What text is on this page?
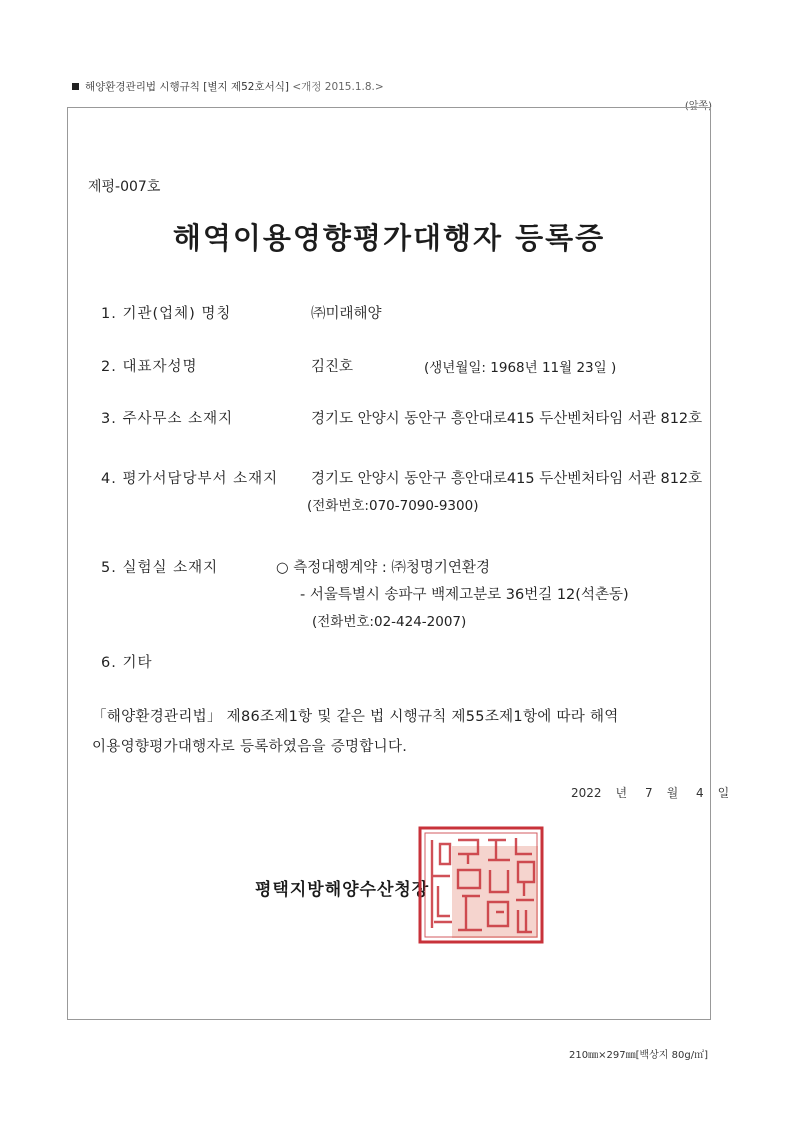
해양환경관리법 시행규칙 [별지 제52호서식] <개정 2015.1.8.>
(앞쪽)
제평-007호
해역이용영향평가대행자 등록증
1. 기관(업체) 명칭	㈜미래해양
2. 대표자성명	김진호	(생년월일: 1968년 11월 23일 )
3. 주사무소 소재지	경기도 안양시 동안구 흥안대로415 두산벤처타임 서관 812호
4. 평가서담당부서 소재지 경기도 안양시 동안구 흥안대로415 두산벤처타임 서관 812호
(전화번호:070-7090-9300)
5. 실험실 소재지	○ 측정대행계약 : ㈜청명기연환경
- 서울특별시 송파구 백제고분로 36번길 12(석촌동)
(전화번호:02-424-2007)
6. 기타
「해양환경관리법」 제86조제1항 및 같은 법 시행규칙 제55조제1항에 따라 해역
이용영향평가대행자로 등록하였음을 증명합니다.
2022 년 7 월 4 일
평택지방해양수산청장
210㎜×297㎜[백상지 80g/㎡]
